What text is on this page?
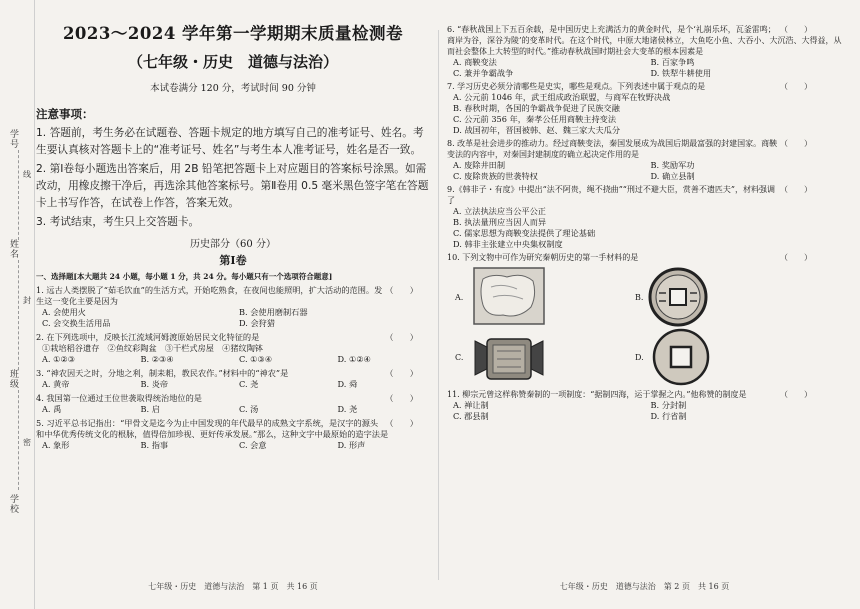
学号
姓名
班级
学校
线
封
密
2023～2024 学年第一学期期末质量检测卷
（七年级・历史　道德与法治）
本试卷满分 120 分，考试时间 90 分钟
注意事项：
1. 答题前，考生务必在试题卷、答题卡规定的地方填写自己的准考证号、姓名。考生要认真核对答题卡上的“准考证号、姓名”与考生本人准考证号，姓名是否一致。
2. 第Ⅰ卷每小题选出答案后，用 2B 铅笔把答题卡上对应题目的答案标号涂黑。如需改动，用橡皮擦干净后，再选涂其他答案标号。第Ⅱ卷用 0.5 毫米黑色签字笔在答题卡上书写作答，在试卷上作答，答案无效。
3. 考试结束，考生只上交答题卡。
历史部分（60 分）
第Ⅰ卷
一、选择题[本大题共 24 小题，每小题 1 分，共 24 分。每小题只有一个选项符合题意]
（　　）
1. 远古人类摆脱了“茹毛饮血”的生活方式，开始吃熟食，在夜间也能照明，扩大活动的范围。发生这一变化主要是因为
A. 会使用火	B. 会使用磨制石器
C. 会交换生活用品	D. 会狩猎
（　　）
2. 在下列选项中，反映长江流域河姆渡原始居民文化特征的是
①栽培稻谷遗存　②鱼纹彩陶盆　③干栏式房屋　④猪纹陶钵
A. ①②③	B. ②③④	C. ①③④	D. ①②④
（　　）
3. “神农因天之时，分地之利，制耒耜，教民农作。”材料中的“神农”是
A. 黄帝	B. 炎帝	C. 尧	D. 舜
（　　）
4. 我国第一位通过王位世袭取得统治地位的是
A. 禹	B. 启	C. 汤	D. 尧
（　　）
5. 习近平总书记指出：“甲骨文是迄今为止中国发现的年代最早的成熟文字系统，是汉字的源头和中华优秀传统文化的根脉，值得倍加珍视、更好传承发展。”那么，这种文字中最原始的造字法是
A. 象形	B. 指事	C. 会意	D. 形声
（　　）
6. “春秋战国上下五百余载，是中国历史上充满活力的黄金时代，是个‘礼崩乐坏，瓦釜雷鸣；商岸为谷，深谷为陵’的变革时代。在这个时代，中原大地诸侯林立，大鱼吃小鱼、大吞小、大沉浩、大得益，从而社会整体上大转型的时代。”推动春秋战国时期社会大变革的根本因素是
A. 商鞅变法	B. 百家争鸣
C. 兼并争霸战争	D. 铁犁牛耕使用
（　　）
7. 学习历史必须分清哪些是史实，哪些是观点。下列表述中属于观点的是
A. 公元前 1046 年，武王组成政治联盟，与商军在牧野决战
B. 春秋时期，各国的争霸战争促进了民族交融
C. 公元前 356 年，秦孝公任用商鞅主持变法
D. 战国初年，晋国被韩、赵、魏三家大夫瓜分
（　　）
8. 改革是社会进步的推动力。经过商鞅变法，秦国发展成为战国后期最富强的封建国家。商鞅变法的内容中，对秦国封建制度的确立起决定作用的是
A. 废除井田制	B. 奖励军功
C. 废除贵族的世袭特权	D. 确立县制
（　　）
9.《韩非子・有度》中提出“法不阿贵，绳不挠曲”“刑过不避大臣，赏善不遗匹夫”，材料强调了
A. 立法执法应当公平公正
B. 执法量刑应当因人而异
C. 儒家思想为商鞅变法提供了理论基础
D. 韩非主张建立中央集权制度
（　　）
10. 下列文物中可作为研究秦朝历史的第一手材料的是
A.	B.
C.	D.
（　　）
11. 柳宗元曾这样称赞秦制的一项制度：“据制四海，运于掌握之内。”他称赞的制度是
A. 禅让制	B. 分封制
C. 郡县制	D. 行省制
七年级・历史　道德与法治　第 1 页　共 16 页	七年级・历史　道德与法治　第 2 页　共 16 页
